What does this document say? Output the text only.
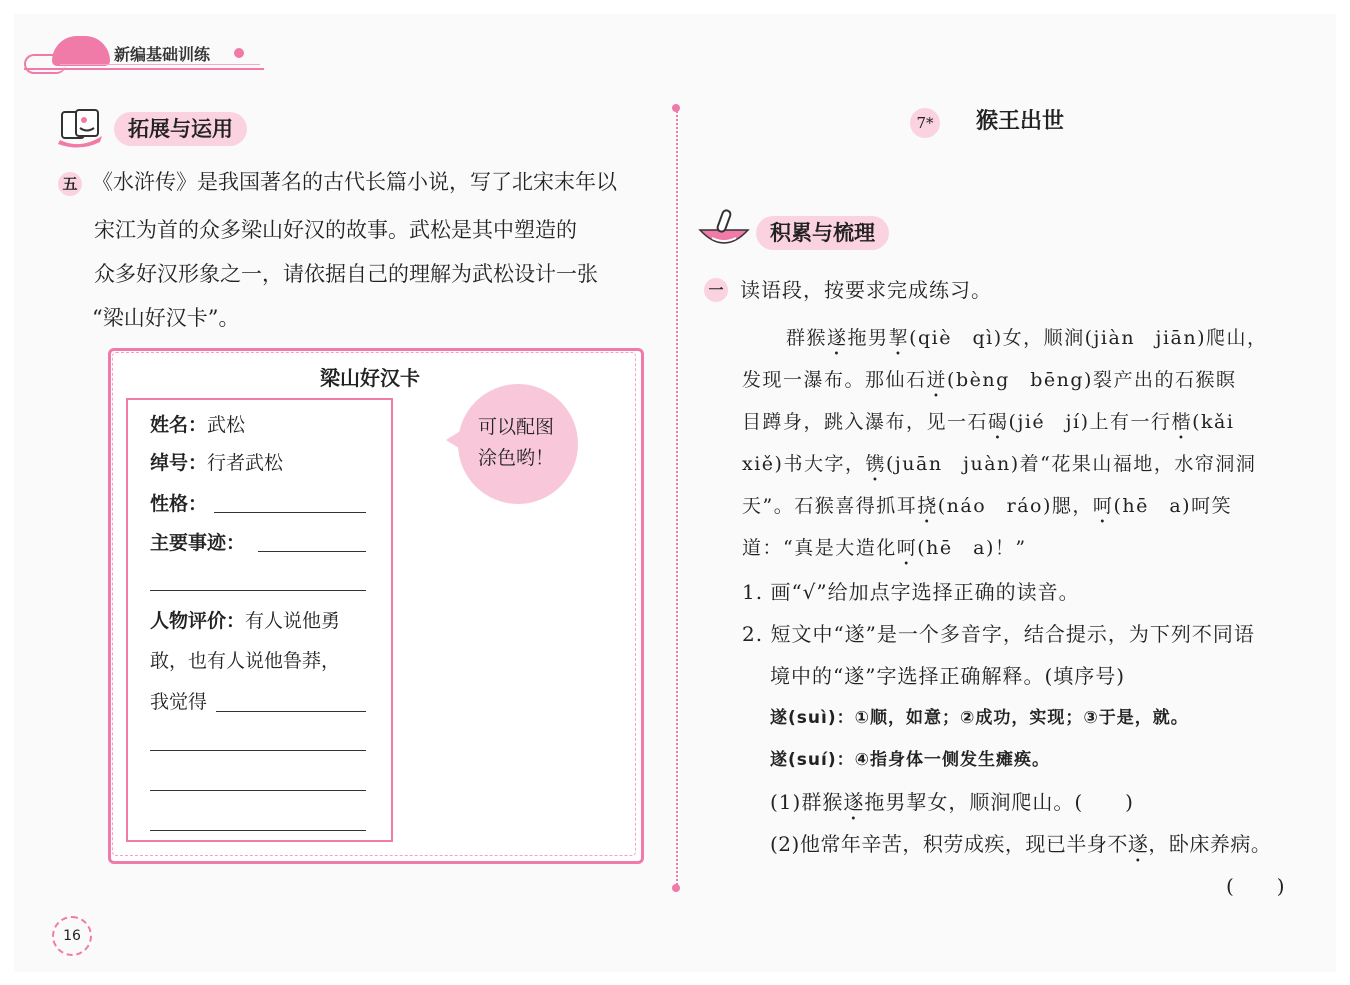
新编基础训练
拓展与运用
五 《水浒传》是我国著名的古代长篇小说，写了北宋末年以
宋江为首的众多梁山好汉的故事。武松是其中塑造的
众多好汉形象之一，请依据自己的理解为武松设计一张
“梁山好汉卡”。
梁山好汉卡
姓名：武松
绰号：行者武松
性格：
主要事迹：
人物评价：有人说他勇
敢，也有人说他鲁莽，
我觉得
可以配图
涂色哟！
16
7* 猴王出世
积累与梳理
一 读语段，按要求完成练习。
群猴遂拖男挈(qiè　qì)女，顺涧(jiàn　jiān)爬山，
发现一瀑布。那仙石迸(bèng　bēng)裂产出的石猴瞑
目蹲身，跳入瀑布，见一石碣(jié　jí)上有一行楷(kǎi
xiě)书大字，镌(juān　juàn)着“花果山福地，水帘洞洞
天”。石猴喜得抓耳挠(náo　ráo)腮，呵(hē　a)呵笑
道：“真是大造化呵(hē　a)！”
1. 画“√”给加点字选择正确的读音。
2. 短文中“遂”是一个多音字，结合提示，为下列不同语
境中的“遂”字选择正确解释。(填序号)
遂(suì)：①顺，如意；②成功，实现；③于是，就。
遂(suí)：④指身体一侧发生瘫痪。
(1)群猴遂拖男挈女，顺涧爬山。(　　)
(2)他常年辛苦，积劳成疾，现已半身不遂，卧床养病。
(　　)
